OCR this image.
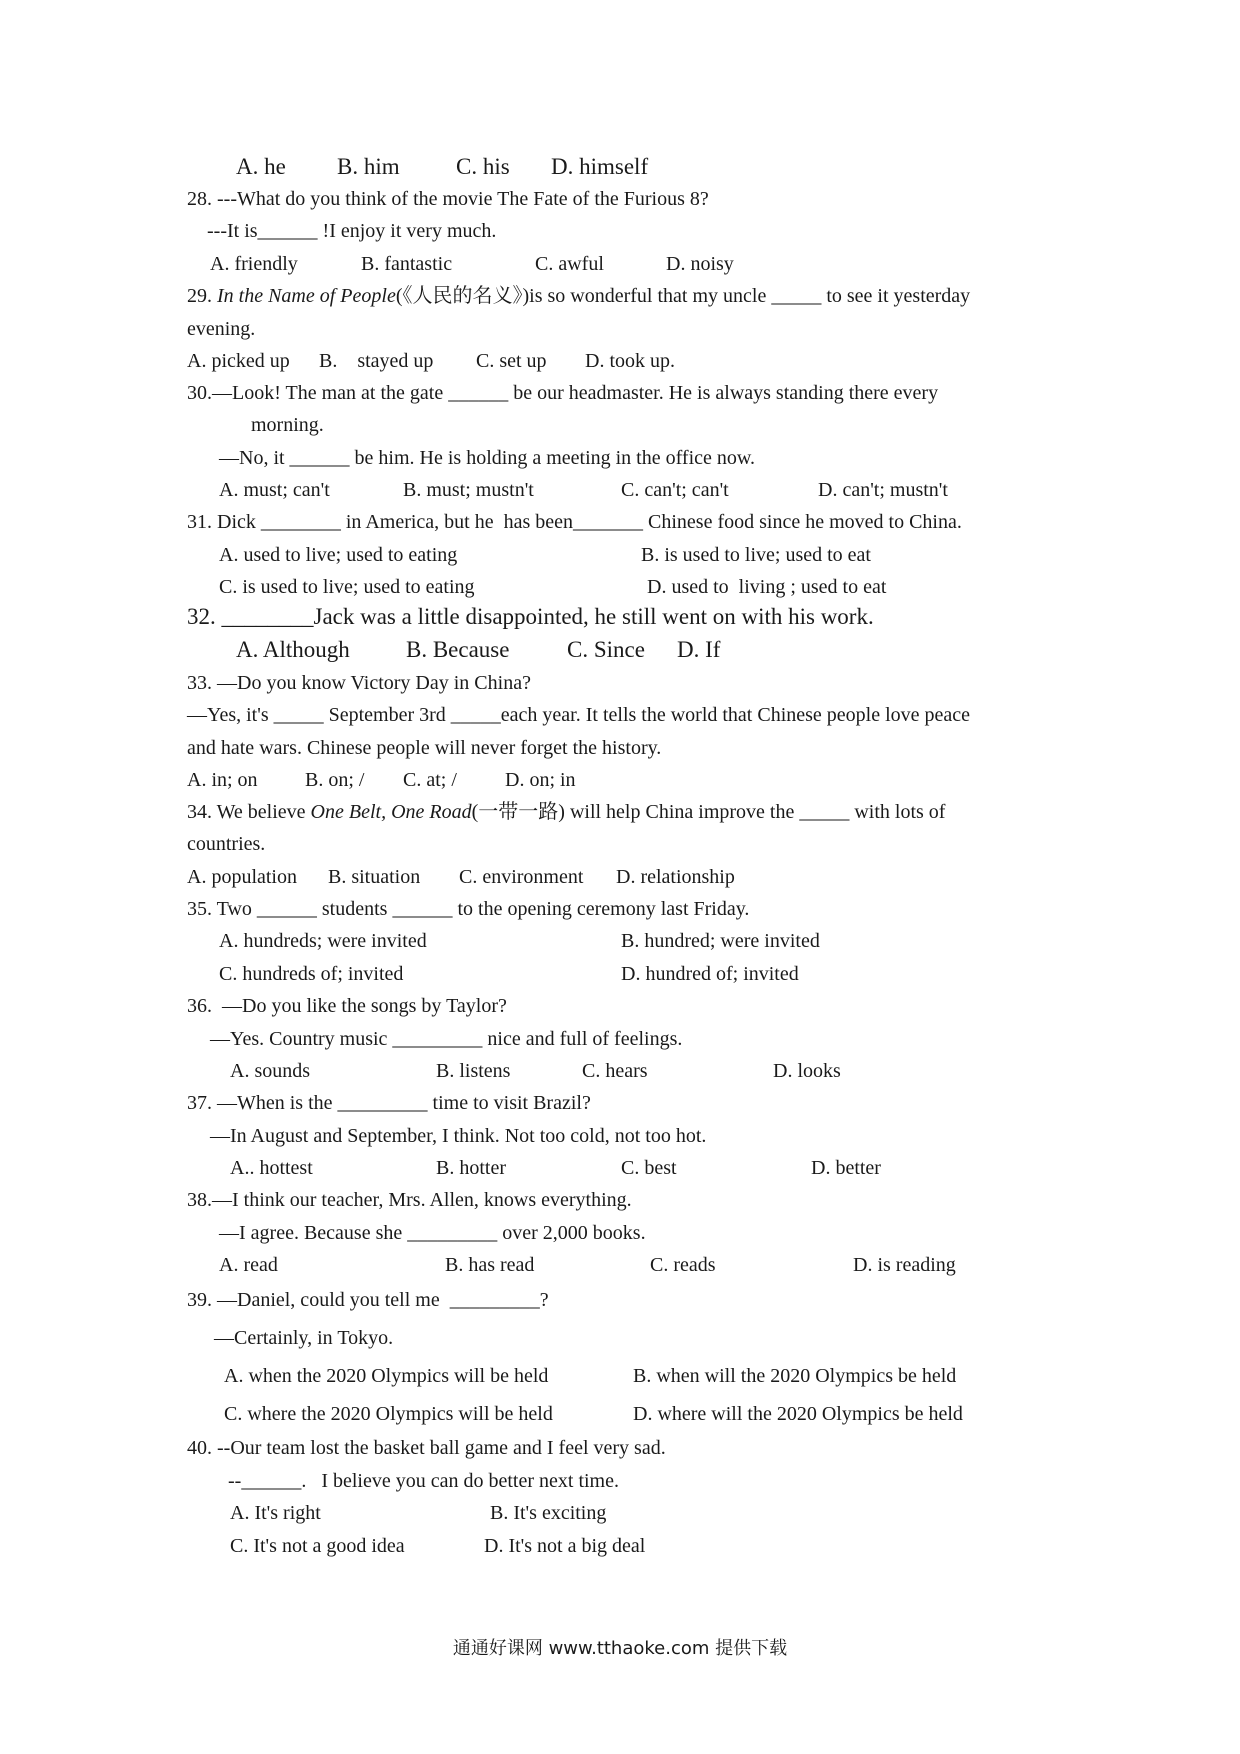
A. he B. him C. his D. himself
28. ---What do you think of the movie The Fate of the Furious 8?
---It is______ !I enjoy it very much.
A. friendly	B. fantastic	C. awful	D. noisy
29. In the Name of People(《人民的名义》)is so wonderful that my uncle _____ to see it yesterday
evening.
A. picked up B.    stayed up C. set up D. took up.
30.—Look! The man at the gate ______ be our headmaster. He is always standing there every
morning.
—No, it ______ be him. He is holding a meeting in the office now.
A. must; can't	B. must; mustn't	C. can't; can't	D. can't; mustn't
31. Dick ________ in America, but he  has been_______ Chinese food since he moved to China.
A. used to live; used to eating	B. is used to live; used to eat
C. is used to live; used to eating	D. used to  living ; used to eat
32. ________Jack was a little disappointed, he still went on with his work.
A. Although B. Because	C. Since D. If
33. —Do you know Victory Day in China?
—Yes, it's _____ September 3rd _____each year. It tells the world that Chinese people love peace
and hate wars. Chinese people will never forget the history.
A. in; on B. on; / C. at; / D. on; in
34. We believe One Belt, One Road(一带一路) will help China improve the _____ with lots of
countries.
A. population B. situation C. environment D. relationship
35. Two ______ students ______ to the opening ceremony last Friday.
A. hundreds; were invited	B. hundred; were invited
C. hundreds of; invited	D. hundred of; invited
36.  —Do you like the songs by Taylor?
—Yes. Country music _________ nice and full of feelings.
A. sounds	B. listens	C. hears	D. looks
37. —When is the _________ time to visit Brazil?
—In August and September, I think. Not too cold, not too hot.
A.. hottest	B. hotter	C. best	D. better
38.—I think our teacher, Mrs. Allen, knows everything.
—I agree. Because she _________ over 2,000 books.
A. read	B. has read	C. reads	D. is reading
39. —Daniel, could you tell me  _________?
—Certainly, in Tokyo.
A. when the 2020 Olympics will be held	B. when will the 2020 Olympics be held
C. where the 2020 Olympics will be held	D. where will the 2020 Olympics be held
40. --Our team lost the basket ball game and I feel very sad.
--______.   I believe you can do better next time.
A. It's right	B. It's exciting
C. It's not a good idea	D. It's not a big deal
通通好课网 www.tthaoke.com 提供下载
